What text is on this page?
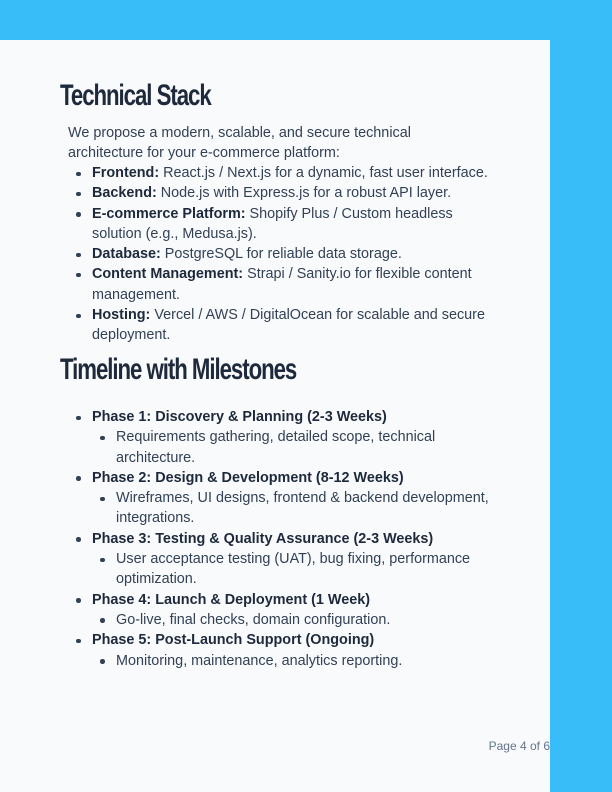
Technical Stack

We propose a modern, scalable, and secure technical architecture for your e-commerce platform:

Frontend: React.js / Next.js for a dynamic, fast user interface.
Backend: Node.js with Express.js for a robust API layer.
E-commerce Platform: Shopify Plus / Custom headless solution (e.g., Medusa.js).
Database: PostgreSQL for reliable data storage.
Content Management: Strapi / Sanity.io for flexible content management.
Hosting: Vercel / AWS / DigitalOcean for scalable and secure deployment.
Timeline with Milestones
Phase 1: Discovery & Planning (2-3 Weeks)
Requirements gathering, detailed scope, technical architecture.
Phase 2: Design & Development (8-12 Weeks)
Wireframes, UI designs, frontend & backend development, integrations.
Phase 3: Testing & Quality Assurance (2-3 Weeks)
User acceptance testing (UAT), bug fixing, performance optimization.
Phase 4: Launch & Deployment (1 Week)
Go-live, final checks, domain configuration.
Phase 5: Post-Launch Support (Ongoing)
Monitoring, maintenance, analytics reporting.
Page 4 of 6
